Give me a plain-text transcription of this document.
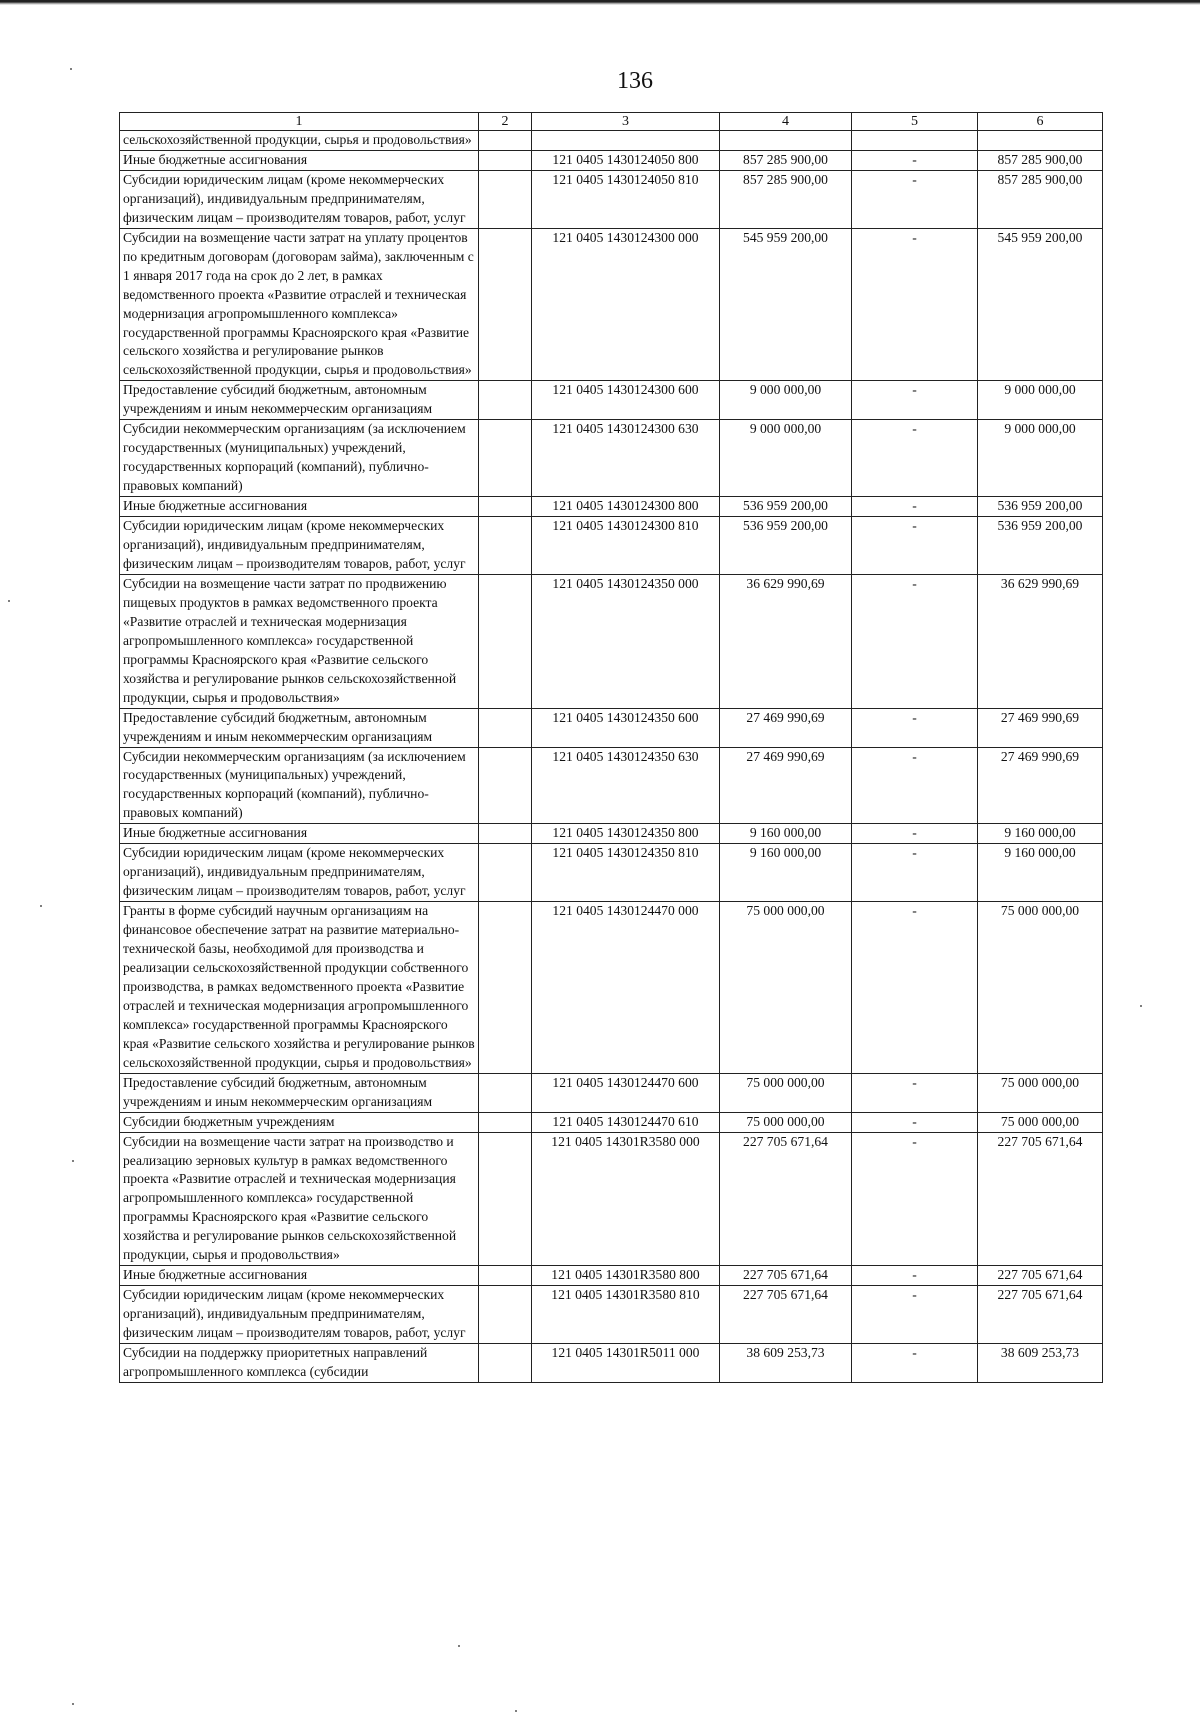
136
1	2	3	4	5	6
сельскохозяйственной продукции, сырья и продовольствия»					
Иные бюджетные ассигнования		121 0405 1430124050 800	857 285 900,00	-	857 285 900,00
Субсидии юридическим лицам (кроме некоммерческих организаций), индивидуальным предпринимателям, физическим лицам – производителям товаров, работ, услуг		121 0405 1430124050 810	857 285 900,00	-	857 285 900,00
Субсидии на возмещение части затрат на уплату процентов по кредитным договорам (договорам займа), заключенным с 1 января 2017 года на срок до 2 лет, в рамках ведомственного проекта «Развитие отраслей и техническая модернизация агропромышленного комплекса» государственной программы Красноярского края «Развитие сельского хозяйства и регулирование рынков сельскохозяйственной продукции, сырья и продовольствия»		121 0405 1430124300 000	545 959 200,00	-	545 959 200,00
Предоставление субсидий бюджетным, автономным учреждениям и иным некоммерческим организациям		121 0405 1430124300 600	9 000 000,00	-	9 000 000,00
Субсидии некоммерческим организациям (за исключением государственных (муниципальных) учреждений, государственных корпораций (компаний), публично-правовых компаний)		121 0405 1430124300 630	9 000 000,00	-	9 000 000,00
Иные бюджетные ассигнования		121 0405 1430124300 800	536 959 200,00	-	536 959 200,00
Субсидии юридическим лицам (кроме некоммерческих организаций), индивидуальным предпринимателям, физическим лицам – производителям товаров, работ, услуг		121 0405 1430124300 810	536 959 200,00	-	536 959 200,00
Субсидии на возмещение части затрат по продвижению пищевых продуктов в рамках ведомственного проекта «Развитие отраслей и техническая модернизация агропромышленного комплекса» государственной программы Красноярского края «Развитие сельского хозяйства и регулирование рынков сельскохозяйственной продукции, сырья и продовольствия»		121 0405 1430124350 000	36 629 990,69	-	36 629 990,69
Предоставление субсидий бюджетным, автономным учреждениям и иным некоммерческим организациям		121 0405 1430124350 600	27 469 990,69	-	27 469 990,69
Субсидии некоммерческим организациям (за исключением государственных (муниципальных) учреждений, государственных корпораций (компаний), публично-правовых компаний)		121 0405 1430124350 630	27 469 990,69	-	27 469 990,69
Иные бюджетные ассигнования		121 0405 1430124350 800	9 160 000,00	-	9 160 000,00
Субсидии юридическим лицам (кроме некоммерческих организаций), индивидуальным предпринимателям, физическим лицам – производителям товаров, работ, услуг		121 0405 1430124350 810	9 160 000,00	-	9 160 000,00
Гранты в форме субсидий научным организациям на финансовое обеспечение затрат на развитие материально-технической базы, необходимой для производства и реализации сельскохозяйственной продукции собственного производства, в рамках ведомственного проекта «Развитие отраслей и техническая модернизация агропромышленного комплекса» государственной программы Красноярского края «Развитие сельского хозяйства и регулирование рынков сельскохозяйственной продукции, сырья и продовольствия»		121 0405 1430124470 000	75 000 000,00	-	75 000 000,00
Предоставление субсидий бюджетным, автономным учреждениям и иным некоммерческим организациям		121 0405 1430124470 600	75 000 000,00	-	75 000 000,00
Субсидии бюджетным учреждениям		121 0405 1430124470 610	75 000 000,00	-	75 000 000,00
Субсидии на возмещение части затрат на производство и реализацию зерновых культур в рамках ведомственного проекта «Развитие отраслей и техническая модернизация агропромышленного комплекса» государственной программы Красноярского края «Развитие сельского хозяйства и регулирование рынков сельскохозяйственной продукции, сырья и продовольствия»		121 0405 14301R3580 000	227 705 671,64	-	227 705 671,64
Иные бюджетные ассигнования		121 0405 14301R3580 800	227 705 671,64	-	227 705 671,64
Субсидии юридическим лицам (кроме некоммерческих организаций), индивидуальным предпринимателям, физическим лицам – производителям товаров, работ, услуг		121 0405 14301R3580 810	227 705 671,64	-	227 705 671,64
Субсидии на поддержку приоритетных направлений агропромышленного комплекса (субсидии		121 0405 14301R5011 000	38 609 253,73	-	38 609 253,73
